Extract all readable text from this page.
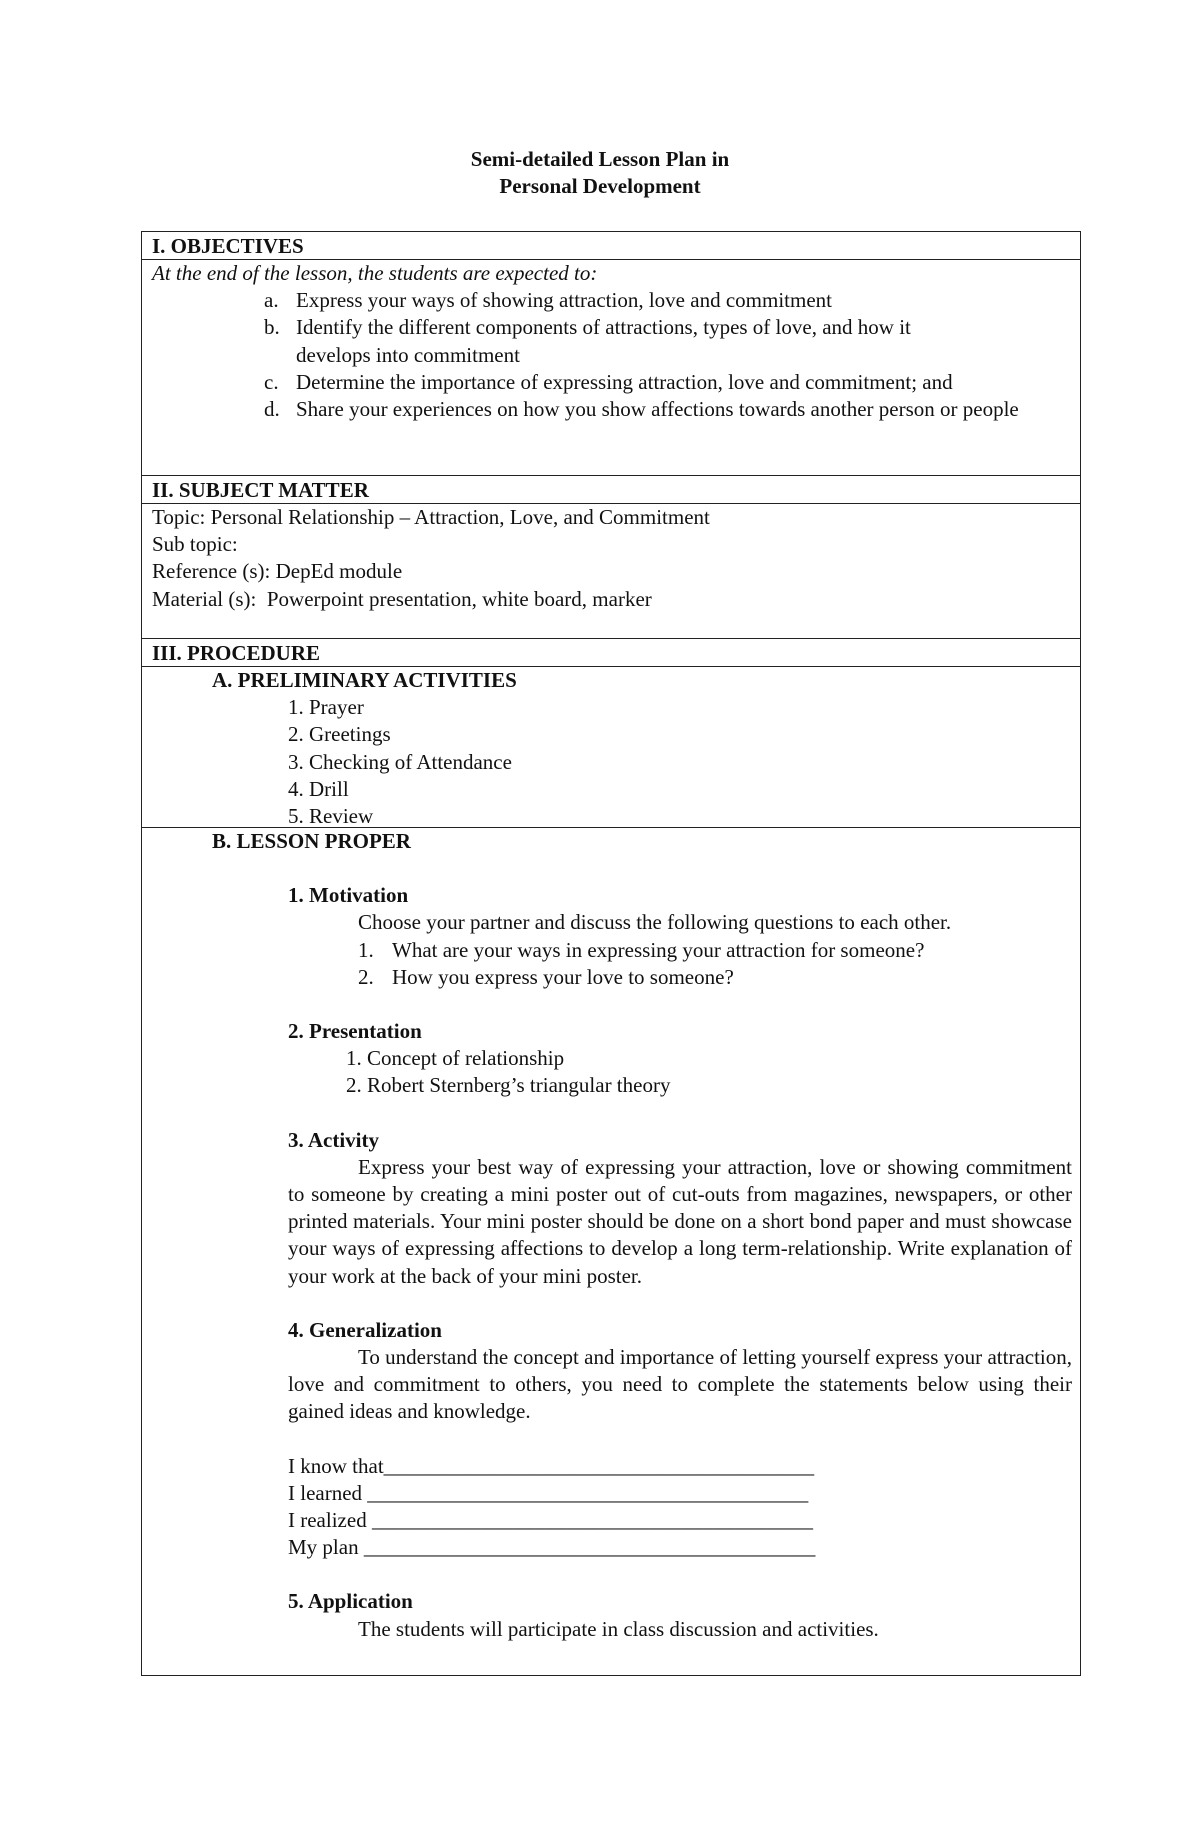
Semi-detailed Lesson Plan in
Personal Development
I. OBJECTIVES
At the end of the lesson, the students are expected to:
a. Express your ways of showing attraction, love and commitment
b. Identify the different components of attractions, types of love, and how it develops into commitment
c. Determine the importance of expressing attraction, love and commitment; and
d. Share your experiences on how you show affections towards another person or people
II. SUBJECT MATTER
Topic: Personal Relationship – Attraction, Love, and Commitment
Sub topic:
Reference (s): DepEd module
Material (s):  Powerpoint presentation, white board, marker
III. PROCEDURE
A. PRELIMINARY ACTIVITIES
1. Prayer
2. Greetings
3. Checking of Attendance
4. Drill
5. Review
B. LESSON PROPER
1. Motivation
Choose your partner and discuss the following questions to each other.
1. What are your ways in expressing your attraction for someone?
2. How you express your love to someone?
2. Presentation
1. Concept of relationship
2. Robert Sternberg’s triangular theory
3. Activity
Express your best way of expressing your attraction, love or showing commitment to someone by creating a mini poster out of cut-outs from magazines, newspapers, or other printed materials. Your mini poster should be done on a short bond paper and must showcase your ways of expressing affections to develop a long term-relationship. Write explanation of your work at the back of your mini poster.
4. Generalization
To understand the concept and importance of letting yourself express your attraction, love and commitment to others, you need to complete the statements below using their gained ideas and knowledge.
I know that_________________________________________
I learned __________________________________________
I realized __________________________________________
My plan ___________________________________________
5. Application
The students will participate in class discussion and activities.
